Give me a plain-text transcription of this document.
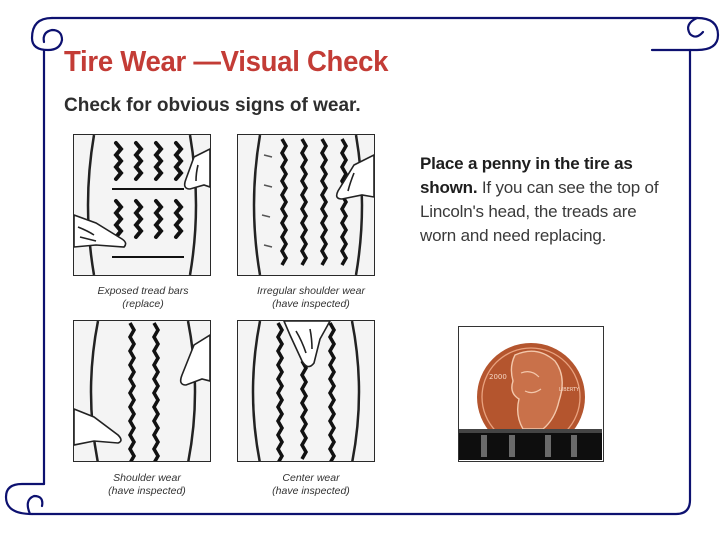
Tire Wear —Visual Check

Check for obvious signs of wear.

Exposed tread bars
(replace)
Irregular shoulder wear
(have inspected)
Shoulder wear
(have inspected)
Center wear
(have inspected)

Place a penny in the tire as shown. If you can see the top of Lincoln's head, the treads are worn and need replacing.

2000
LIBERTY
